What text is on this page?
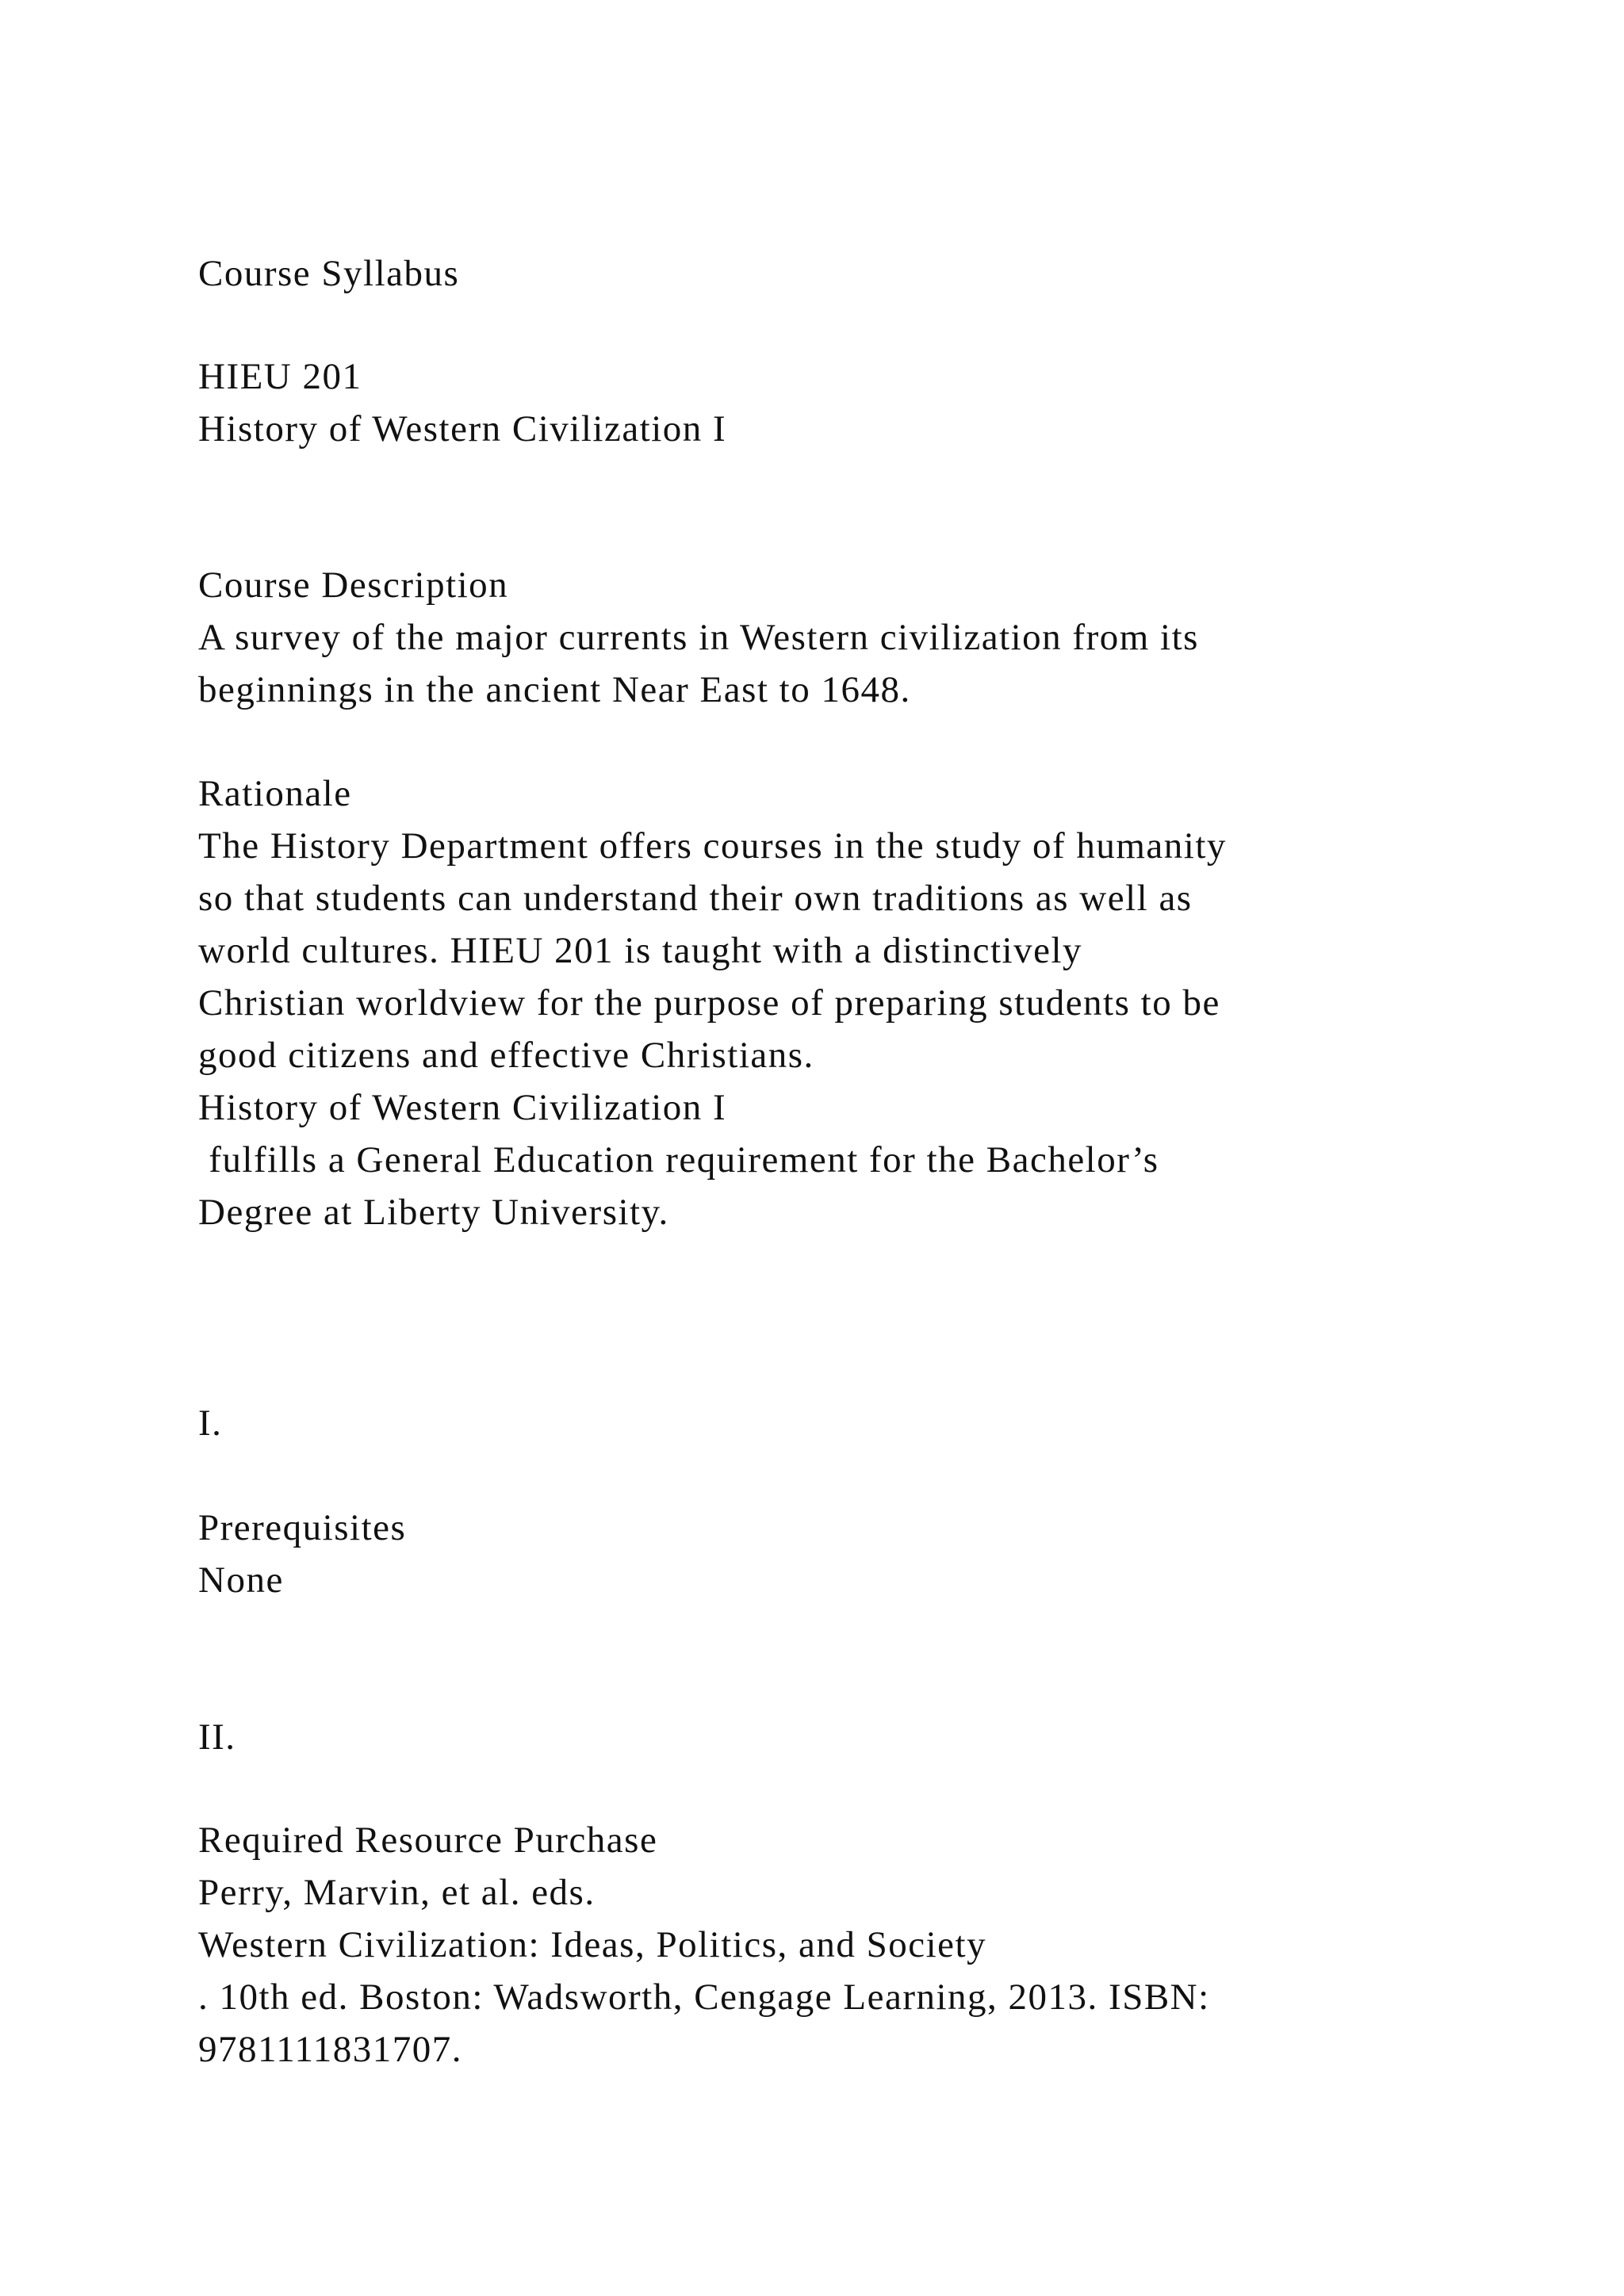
Course Syllabus
HIEU 201
History of Western Civilization I
Course Description
A survey of the major currents in Western civilization from its
beginnings in the ancient Near East to 1648.
Rationale
The History Department offers courses in the study of humanity
so that students can understand their own traditions as well as
world cultures. HIEU 201 is taught with a distinctively
Christian worldview for the purpose of preparing students to be
good citizens and effective Christians.
History of Western Civilization I
fulfills a General Education requirement for the Bachelor’s
Degree at Liberty University.
I.
Prerequisites
None
II.
Required Resource Purchase
Perry, Marvin, et al. eds.
Western Civilization: Ideas, Politics, and Society
. 10th ed. Boston: Wadsworth, Cengage Learning, 2013. ISBN:
9781111831707.
